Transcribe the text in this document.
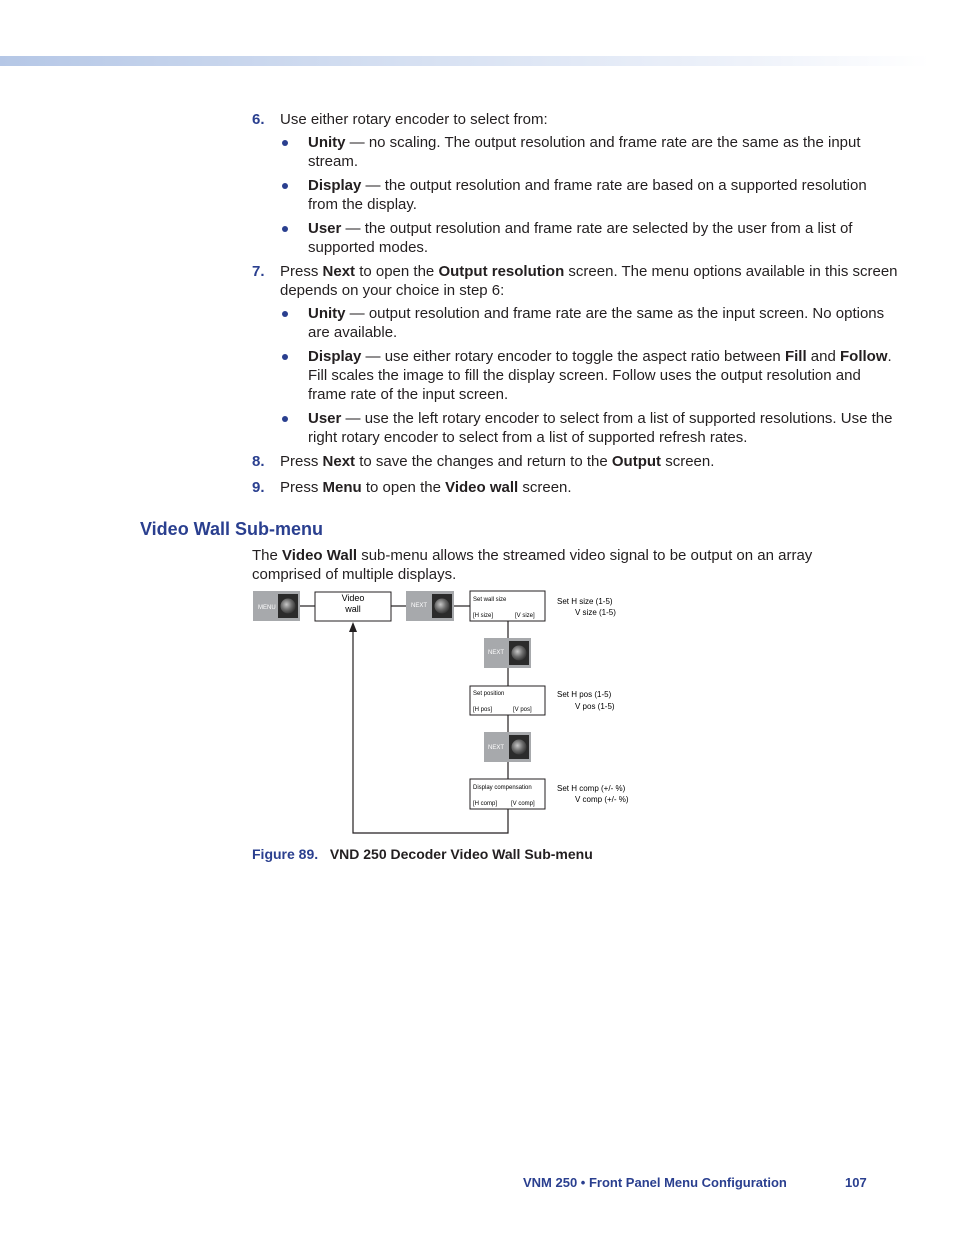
6. Use either rotary encoder to select from:
Unity — no scaling. The output resolution and frame rate are the same as the input stream.
Display — the output resolution and frame rate are based on a supported resolution from the display.
User — the output resolution and frame rate are selected by the user from a list of supported modes.
7. Press Next to open the Output resolution screen. The menu options available in this screen depends on your choice in step 6:
Unity — output resolution and frame rate are the same as the input screen. No options are available.
Display — use either rotary encoder to toggle the aspect ratio between Fill and Follow. Fill scales the image to fill the display screen. Follow uses the output resolution and frame rate of the input screen.
User — use the left rotary encoder to select from a list of supported resolutions. Use the right rotary encoder to select from a list of supported refresh rates.
8. Press Next to save the changes and return to the Output screen.
9. Press Menu to open the Video wall screen.
Video Wall Sub-menu

The Video Wall sub-menu allows the streamed video signal to be output on an array comprised of multiple displays.

MENU
Video
wall	NEXT
Set wall size
[H size]	[V size]
Set H size (1-5)
V size (1-5)
NEXT
Set position
[H pos]	[V pos]
Set H pos (1-5)
V pos (1-5)
NEXT
Display compensation
[H comp] [V comp]
Set H comp (+/- %)
V comp (+/- %)

Figure 89. VND 250 Decoder Video Wall Sub-menu

VNM 250 • Front Panel Menu Configuration	107
